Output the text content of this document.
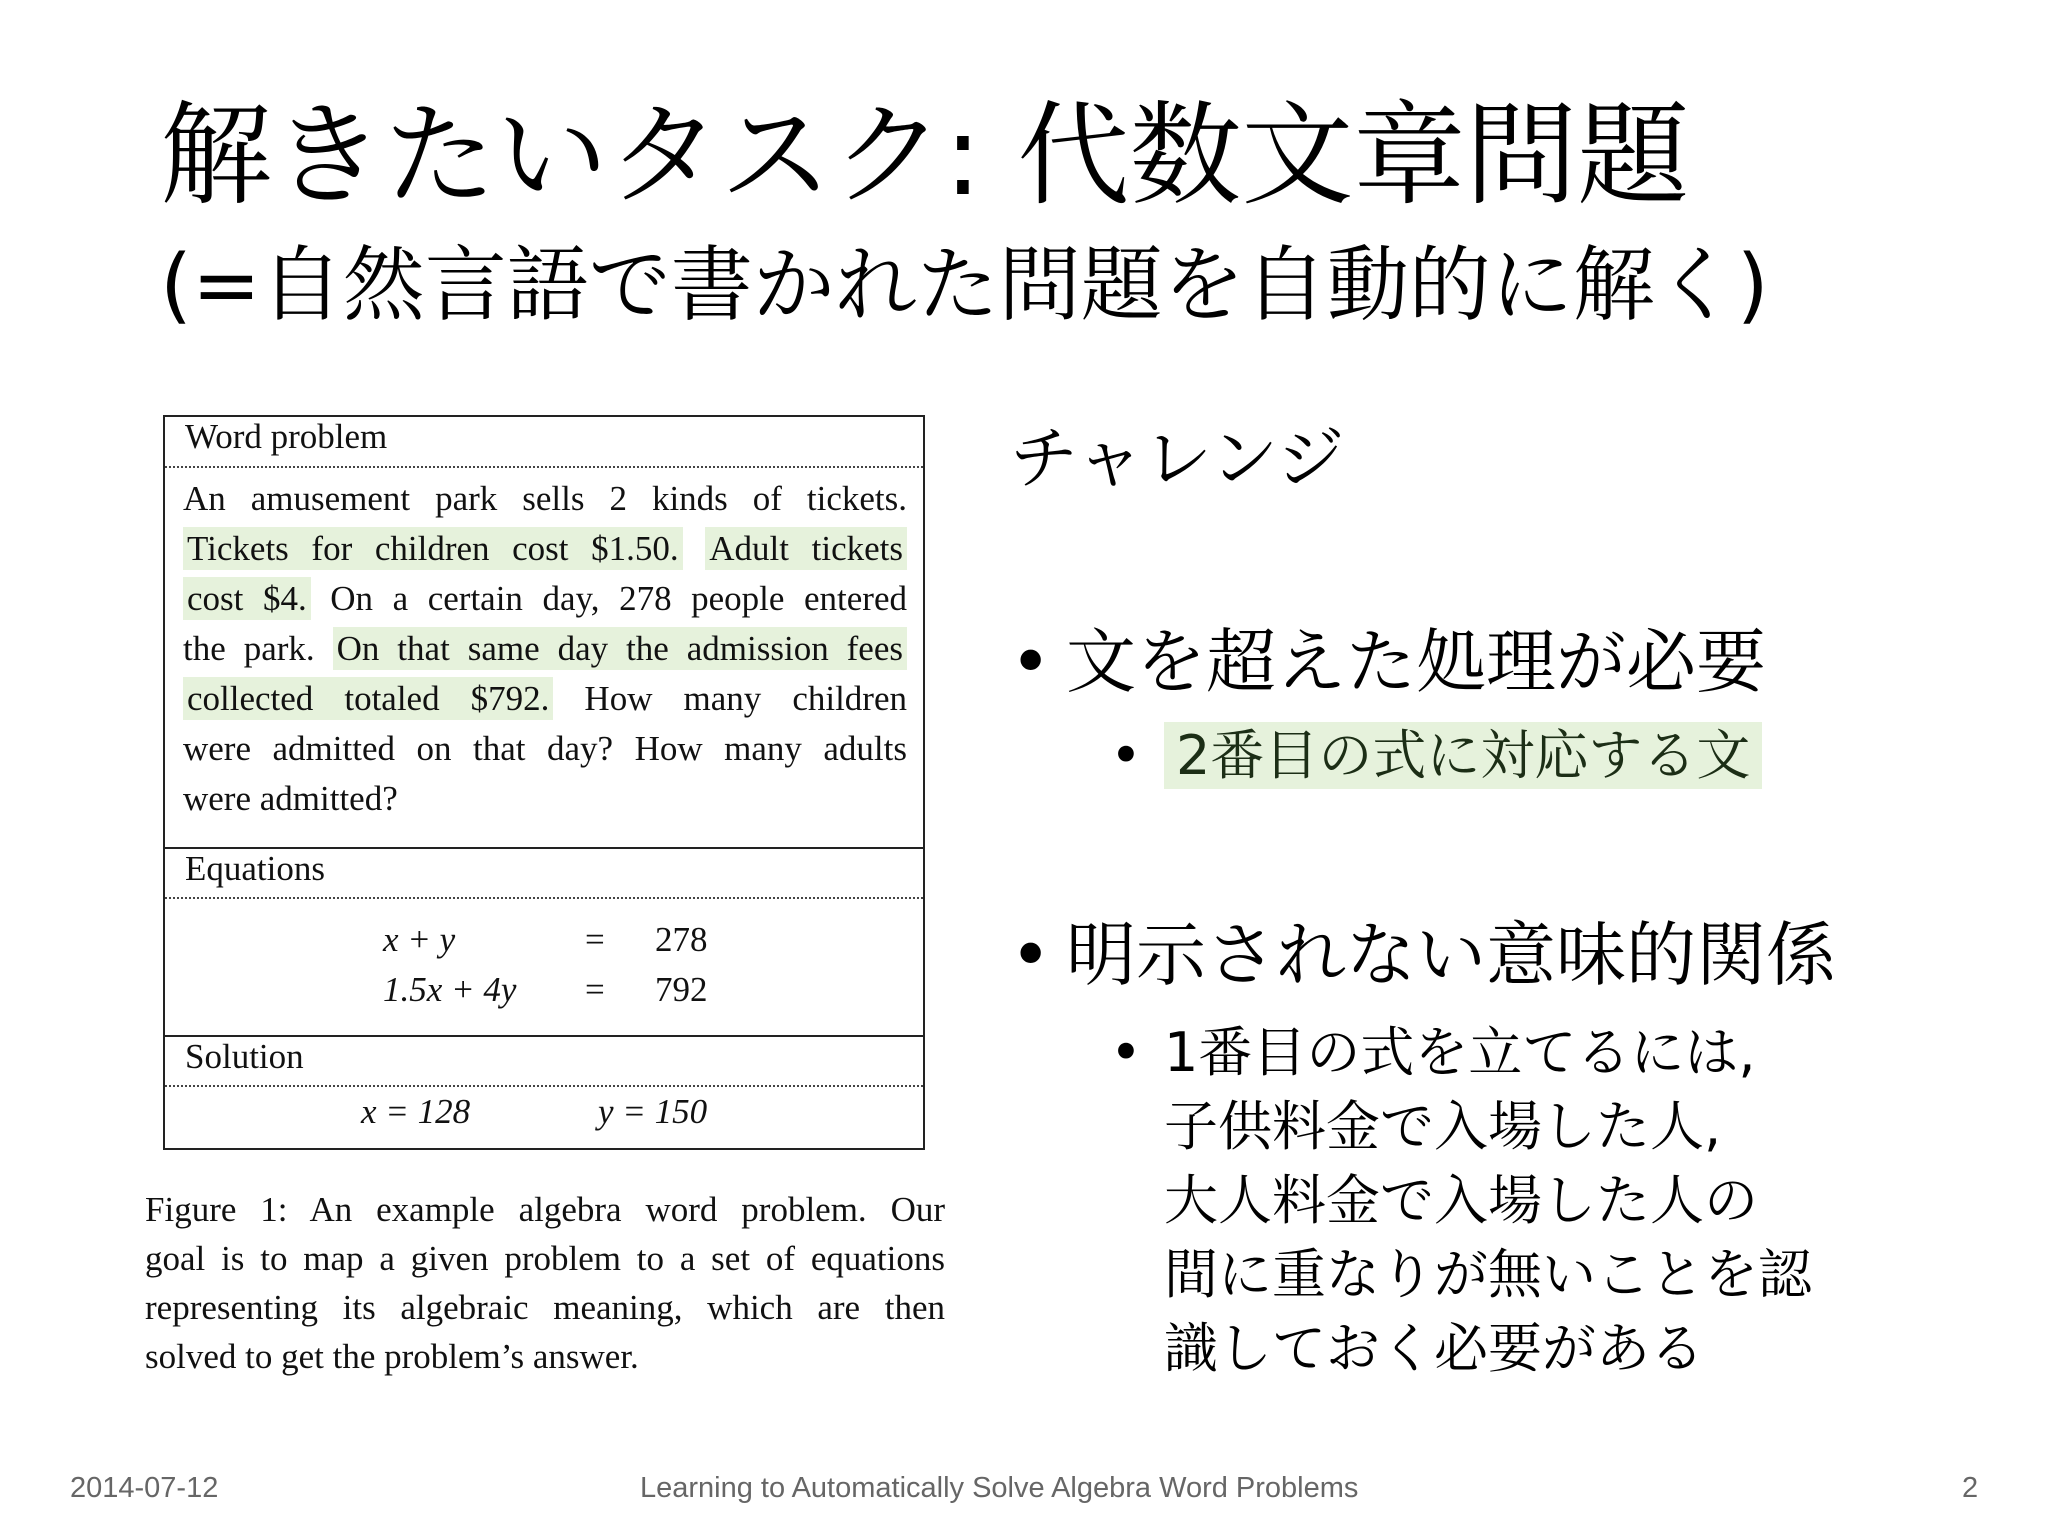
解きたいタスク: 代数文章問題
(=自然言語で書かれた問題を自動的に解く)
Word problem
An amusement park sells 2 kinds of tickets.
Tickets for children cost $1.50. Adult tickets
cost $4. On a certain day, 278 people entered
the park. On that same day the admission fees
collected totaled $792. How many children
were admitted on that day? How many adults
were admitted?
Equations
x + y	= 278
1.5x + 4y = 792
Solution
x = 128	y = 150
Figure 1: An example algebra word problem. Our
goal is to map a given problem to a set of equations
representing its algebraic meaning, which are then
solved to get the problem’s answer.
チャレンジ
• 文を超えた処理が必要
• 2番目の式に対応する文
• 明示されない意味的関係
• 1番目の式を立てるには,
子供料金で入場した人,
大人料金で入場した人の
間に重なりが無いことを認
識しておく必要がある
2014-07-12	Learning to Automatically Solve Algebra Word Problems	2
